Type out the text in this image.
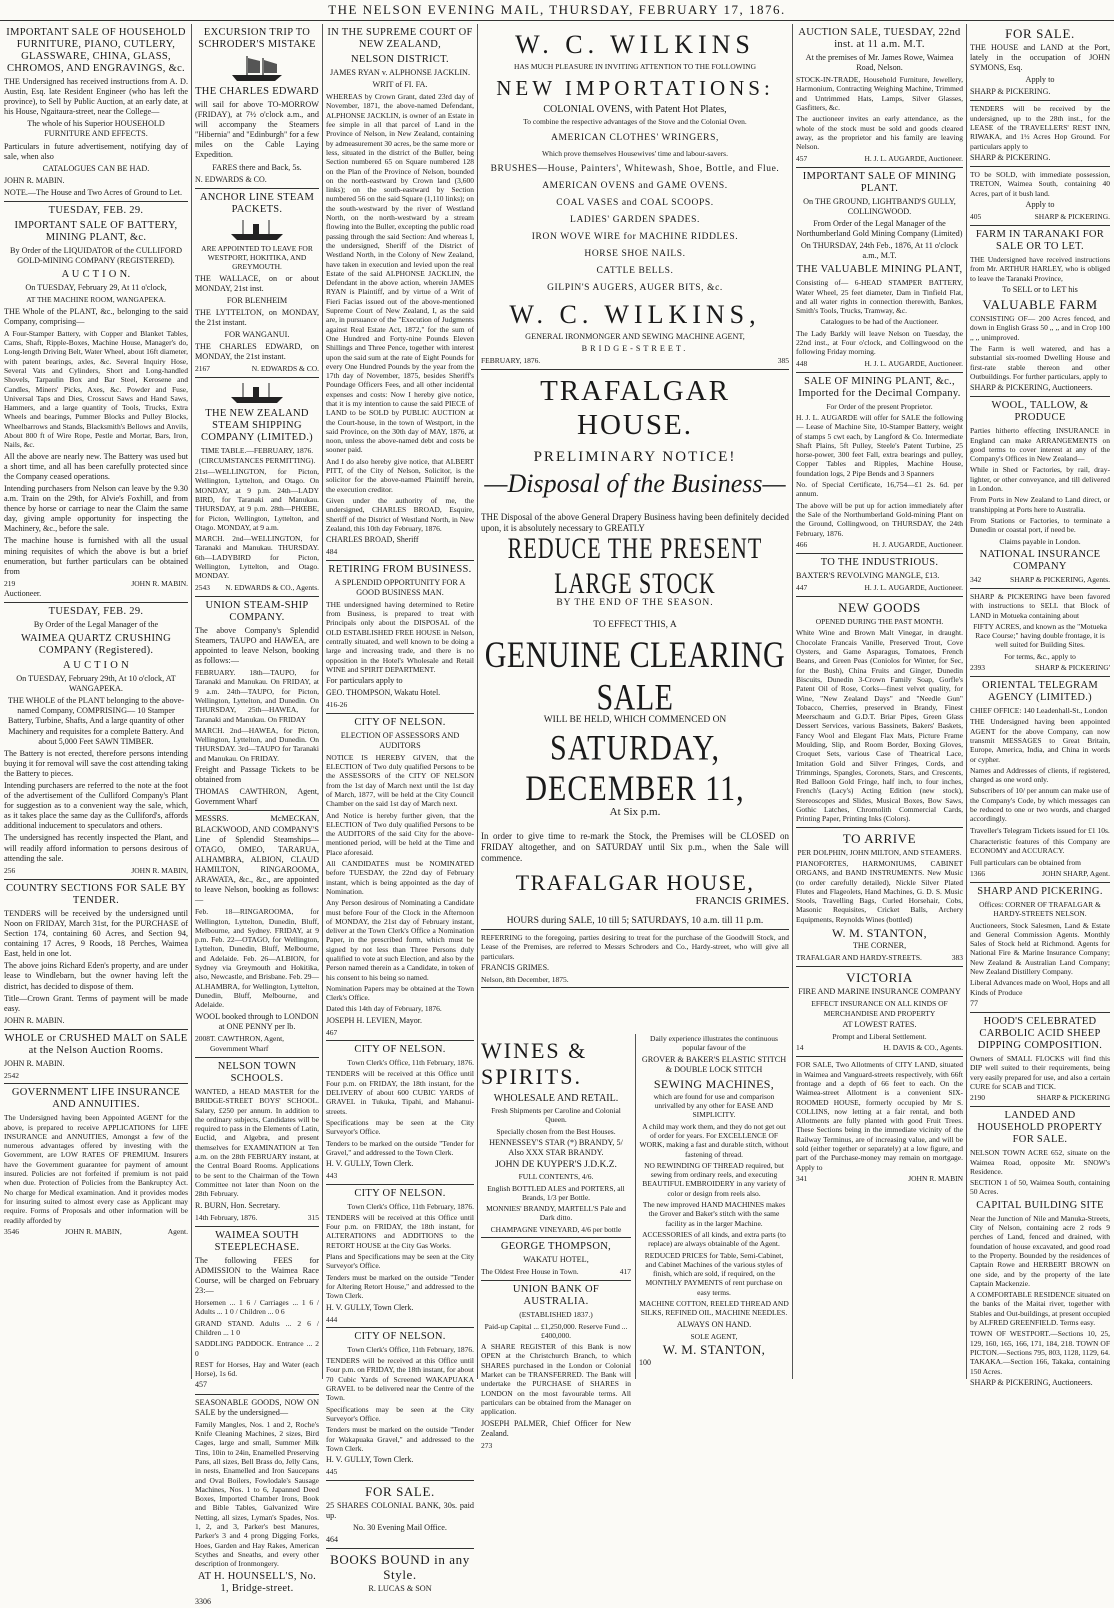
THE NELSON EVENING MAIL, THURSDAY, FEBRUARY 17, 1876.
IMPORTANT SALE OF HOUSEHOLD FURNITURE, PIANO, CUTLERY, GLASSWARE, CHINA, GLASS, CHROMOS, AND ENGRAVINGS, &c.

THE Undersigned has received instructions from A. D. Austin, Esq. late Resident Engineer (who has left the province), to Sell by Public Auction, at an early date, at his House, Ngaitaura-street, near the College—

The whole of his Superior HOUSEHOLD FURNITURE AND EFFECTS.

Particulars in future advertisement, notifying day of sale, when also

CATALOGUES CAN BE HAD.

JOHN R. MABIN.

NOTE.—The House and Two Acres of Ground to Let.

TUESDAY, FEB. 29.
IMPORTANT SALE OF BATTERY, MINING PLANT, &c.

By Order of the LIQUIDATOR of the CULLIFORD GOLD-MINING COMPANY (REGISTERED).

A U C T I O N.

On TUESDAY, February 29, At 11 o'clock,

AT THE MACHINE ROOM, WANGAPEKA.

THE Whole of the PLANT, &c., belonging to the said Company, comprising—

A Four-Stamper Battery, with Copper and Blanket Tables, Cams, Shaft, Ripple-Boxes, Machine House, Manager's do, Long-length Driving Belt, Water Wheel, about 16ft diameter, with patent bearings, axles, &c. Several Inquiry Hose, Several Vats and Cylinders, Short and Long-handled Shovels, Tarpaulin Box and Bar Steel, Kerosene and Candles, Miners' Picks, Axes, &c. Powder and Fuse, Universal Taps and Dies, Crosscut Saws and Hand Saws, Hammers, and a large quantity of Tools, Trucks, Extra Wheels and bearings, Pummer Blocks and Pulley Blocks, Wheelbarrows and Stands, Blacksmith's Bellows and Anvils, About 800 ft of Wire Rope, Pestle and Mortar, Bars, Iron, Nails, &c.

All the above are nearly new. The Battery was used but a short time, and all has been carefully protected since the Company ceased operations.

Intending purchasers from Nelson can leave by the 9.30 a.m. Train on the 29th, for Alvie's Foxhill, and from thence by horse or carriage to near the Claim the same day, giving ample opportunity for inspecting the Machinery, &c., before the sale.

The machine house is furnished with all the usual mining requisites of which the above is but a brief enumeration, but further particulars can be obtained from

219	JOHN R. MABIN.

Auctioneer.

TUESDAY, FEB. 29.

By Order of the Legal Manager of the

WAIMEA QUARTZ CRUSHING COMPANY (Registered).
A U C T I O N

On TUESDAY, February 29th, At 10 o'clock, AT WANGAPEKA.

THE WHOLE of the PLANT belonging to the above-named Company, COMPRISING— 10 Stamper Battery, Turbine, Shafts, And a large quantity of other Machinery and requisites for a complete Battery. And about 5,000 Feet SAWN TIMBER.

The Battery is not erected, therefore persons intending buying it for removal will save the cost attending taking the Battery to pieces.

Intending purchasers are referred to the note at the foot of the advertisement of the Culliford Company's Plant for suggestion as to a convenient way the sale, which, as it takes place the same day as the Culliford's, affords additional inducement to speculators and others.

The undersigned has recently inspected the Plant, and will readily afford information to persons desirous of attending the sale.

256	JOHN R. MABIN,
COUNTRY SECTIONS FOR SALE BY TENDER.

TENDERS will be received by the undersigned until Noon on FRIDAY, March 31st, for the PURCHASE of Section 174, containing 60 Acres, and Section 94, containing 17 Acres, 9 Roods, 18 Perches, Waimea East, held in one lot.

The above joins Richard Eden's property, and are under lease to Windlebarn, but the owner having left the district, has decided to dispose of them.

Title—Crown Grant. Terms of payment will be made easy.

JOHN R. MABIN.

WHOLE or CRUSHED MALT on SALE at the Nelson Auction Rooms.

JOHN R. MABIN.

2542

GOVERNMENT LIFE INSURANCE AND ANNUITIES.

The Undersigned having been Appointed AGENT for the above, is prepared to receive APPLICATIONS for LIFE INSURANCE and ANNUITIES, Amongst a few of the numerous advantages offered by investing with the Government, are LOW RATES OF PREMIUM. Insurers have the Government guarantee for payment of amount insured. Policies are not forfeited if premium is not paid when due. Protection of Policies from the Bankruptcy Act. No charge for Medical examination. And it provides modes for insuring suited to almost every case as Applicant may require. Forms of Proposals and other information will be readily afforded by

3546	JOHN R. MABIN,	Agent.
EXCURSION TRIP TO SCHRODER'S MISTAKE
THE CHARLES EDWARD

will sail for above TO-MORROW (FRIDAY), at 7½ o'clock a.m., and will accompany the Steamers "Hibernia" and "Edinburgh" for a few miles on the Cable Laying Expedition.

FARES there and Back, 5s.

N. EDWARDS & CO.

ANCHOR LINE STEAM PACKETS.

ARE APPOINTED TO LEAVE FOR WESTPORT, HOKITIKA, AND GREYMOUTH.

THE WALLACE, on or about MONDAY, 21st inst.

FOR BLENHEIM

THE LYTTELTON, on MONDAY, the 21st instant.

FOR WANGANUI.

THE CHARLES EDWARD, on MONDAY, the 21st instant.

2167	N. EDWARDS & CO.
THE NEW ZEALAND STEAM SHIPPING COMPANY (LIMITED.)

TIME TABLE.—FEBRUARY, 1876. (CIRCUMSTANCES PERMITTING).

21st—WELLINGTON, for Picton, Wellington, Lyttelton, and Otago. On MONDAY, at 9 p.m. 24th—LADY BIRD, for Taranaki and Manukau. THURSDAY, at 9 p.m. 28th—PHŒBE, for Picton, Wellington, Lyttelton, and Otago. MONDAY, at 9 a.m.

MARCH. 2nd—WELLINGTON, for Taranaki and Manukau. THURSDAY. 6th—LADYBIRD for Picton, Wellington, Lyttelton, and Otago. MONDAY.

2543 N. EDWARDS & CO., Agents.
UNION STEAM-SHIP COMPANY.

The above Company's Splendid Steamers, TAUPO and HAWEA, are appointed to leave Nelson, booking as follows:—

FEBRUARY. 18th—TAUPO, for Taranaki and Manukau. On FRIDAY, at 9 a.m. 24th—TAUPO, for Picton, Wellington, Lyttelton, and Dunedin. On THURSDAY, 25th—HAWEA, for Taranaki and Manukau. On FRIDAY

MARCH. 2nd—HAWEA, for Picton, Wellington, Lyttelton, and Dunedin. On THURSDAY. 3rd—TAUPO for Taranaki and Manukau. On FRIDAY.

Freight and Passage Tickets to be obtained from

THOMAS CAWTHRON, Agent, Government Wharf

MESSRS. McMECKAN, BLACKWOOD, AND COMPANY'S Line of Splendid Steamships—OTAGO, OMEO, TARARUA, ALHAMBRA, ALBION, CLAUD HAMILTON, RINGAROOMA, ARAWATA, &c., &c., are appointed to leave Nelson, booking as follows:—

Feb. 18—RINGAROOMA, for Wellington, Lyttelton, Dunedin, Bluff, Melbourne, and Sydney. FRIDAY, at 9 p.m. Feb. 22—OTAGO, for Wellington, Lyttelton, Dunedin, Bluff, Melbourne, and Adelaide. Feb. 26—ALBION, for Sydney via Greymouth and Hokitika, also, Newcastle, and Brisbane. Feb. 29—ALHAMBRA, for Wellington, Lyttelton, Dunedin, Bluff, Melbourne, and Adelaide.

WOOL booked through to LONDON at ONE PENNY per lb.

2008 T. CAWTHRON, Agent, Government Wharf
NELSON TOWN SCHOOLS.

WANTED, a HEAD MASTER for the BRIDGE-STREET BOYS' SCHOOL. Salary, £250 per annum. In addition to the ordinary subjects, Candidates will be required to pass in the Elements of Latin, Euclid, and Algebra, and present themselves for EXAMINATION at Ten a.m. on the 28th FEBRUARY instant, at the Central Board Rooms. Applications to be sent to the Chairman of the Town Committee not later than Noon on the 28th February.

R. BURN, Hon. Secretary.

14th February, 1876.	315
WAIMEA SOUTH STEEPLECHASE.

The following FEES for ADMISSION to the Waimea Race Course, will be charged on February 23:—

Horsemen ... 1 6 / Carriages ... 1 6 / Adults ... 1 0 / Children ... 0 6

GRAND STAND. Adults ... 2 6 / Children ... 1 0

SADDLING PADDOCK. Entrance ... 2 0

REST for Horses, Hay and Water (each Horse), 1s 6d.

457

SEASONABLE GOODS, NOW ON SALE by the undersigned—

Family Mangles, Nos. 1 and 2, Roche's Knife Cleaning Machines, 2 sizes, Bird Cages, large and small, Summer Milk Tins, 10in to 24in, Enamelled Preserving Pans, all sizes, Bell Brass do, Jelly Cans, in nests, Enamelled and Iron Saucepans and Oval Boilers, Fowlodale's Sausage Machines, Nos. 1 to 6, Japanned Deed Boxes, Imported Chamber Irons, Book and Bible Tables, Galvanized Wire Netting, all sizes, Lyman's Spades, Nos. 1, 2, and 3, Parker's best Manures, Parker's 3 and 4 prong Digging Forks, Hoes, Garden and Hay Rakes, American Scythes and Sneaths, and every other description of Ironmongery.

AT H. HOUNSELL'S, No. 1, Bridge-street.

3306

IN THE SUPREME COURT OF NEW ZEALAND,
NELSON DISTRICT.

JAMES RYAN v. ALPHONSE JACKLIN.

WRIT of FI. FA.

WHEREAS by Crown Grant, dated 23rd day of November, 1871, the above-named Defendant, ALPHONSE JACKLIN, is owner of an Estate in fee simple in all that parcel of Land in the Province of Nelson, in New Zealand, containing by admeasurement 30 acres, be the same more or less, situated in the district of the Buller, being Section numbered 65 on Square numbered 128 on the Plan of the Province of Nelson, bounded on the north-eastward by Crown land (3,600 links); on the south-eastward by Section numbered 56 on the said Square (1,110 links); on the south-westward by the river of Westland North, on the north-westward by a stream flowing into the Buller, excepting the public road passing through the said Section: And whereas I, the undersigned, Sheriff of the District of Westland North, in the Colony of New Zealand, have taken in execution and levied upon the real Estate of the said ALPHONSE JACKLIN, the Defendant in the above action, wherein JAMES RYAN is Plaintiff, and by virtue of a Writ of Fieri Facias issued out of the above-mentioned Supreme Court of New Zealand, I, as the said are, in pursuance of the "Execution of Judgments against Real Estate Act, 1872," for the sum of One Hundred and Forty-nine Pounds Eleven Shillings and Three Pence, together with interest upon the said sum at the rate of Eight Pounds for every One Hundred Pounds by the year from the 17th day of November, 1875, besides Sheriff's Poundage Officers Fees, and all other incidental expenses and costs: Now I hereby give notice, that it is my intention to cause the said PIECE of LAND to be SOLD by PUBLIC AUCTION at the Court-house, in the town of Westport, in the said Province, on the 30th day of MAY, 1876, at noon, unless the above-named debt and costs be sooner paid.

And I do also hereby give notice, that ALBERT PITT, of the City of Nelson, Solicitor, is the solicitor for the above-named Plaintiff herein, the execution creditor.

Given under the authority of me, the undersigned, CHARLES BROAD, Esquire, Sheriff of the District of Westland North, in New Zealand, this 10th day February, 1876.

CHARLES BROAD, Sheriff

484

RETIRING FROM BUSINESS.

A SPLENDID OPPORTUNITY FOR A GOOD BUSINESS MAN.

THE undersigned having determined to Retire from Business, is prepared to treat with Principals only about the DISPOSAL of the OLD ESTABLISHED FREE HOUSE in Nelson, centrally situated, and well known to be doing a large and increasing trade, and there is no opposition in the Hotel's Wholesale and Retail WINE and SPIRIT DEPARTMENT.

For particulars apply to

GEO. THOMPSON, Wakatu Hotel.

416-26

CITY OF NELSON.

ELECTION OF ASSESSORS AND AUDITORS

NOTICE IS HEREBY GIVEN, that the ELECTION of Two duly qualified Persons to be the ASSESSORS of the CITY OF NELSON from the 1st day of March next until the 1st day of March, 1877, will be held at the City Council Chamber on the said 1st day of March next.

And Notice is hereby further given, that the ELECTION of Two duly qualified Persons to be the AUDITORS of the said City for the above-mentioned period, will be held at the Time and Place aforesaid.

All CANDIDATES must be NOMINATED before TUESDAY, the 22nd day of February instant, which is being appointed as the day of Nomination.

Any Person desirous of Nominating a Candidate must before Four of the Clock in the Afternoon of MONDAY, the 21st day of February instant, deliver at the Town Clerk's Office a Nomination Paper, in the prescribed form, which must be signed by not less than Three Persons duly qualified to vote at such Election, and also by the Person named therein as a Candidate, in token of his consent to his being so named.

Nomination Papers may be obtained at the Town Clerk's Office.

Dated this 14th day of February, 1876.

JOSEPH H. LEVIEN, Mayor.

467

CITY OF NELSON.

Town Clerk's Office, 11th February, 1876.

TENDERS will be received at this Office until Four p.m. on FRIDAY, the 18th instant, for the DELIVERY of about 600 CUBIC YARDS of GRAVEL in Tukuka, Tipahi, and Mahanui-streets.

Specifications may be seen at the City Surveyor's Office.

Tenders to be marked on the outside "Tender for Gravel," and addressed to the Town Clerk.

H. V. GULLY, Town Clerk.

443

CITY OF NELSON.

Town Clerk's Office, 11th February, 1876.

TENDERS will be received at this Office until Four p.m. on FRIDAY, the 18th instant, for ALTERATIONS and ADDITIONS to the RETORT HOUSE at the City Gas Works.

Plans and Specifications may be seen at the City Surveyor's Office.

Tenders must be marked on the outside "Tender for Altering Retort House," and addressed to the Town Clerk.

H. V. GULLY, Town Clerk.

444

CITY OF NELSON.

Town Clerk's Office, 11th February, 1876.

TENDERS will be received at this Office until Four p.m. on FRIDAY, the 18th instant, for about 70 Cubic Yards of Screened WAKAPUAKA GRAVEL to be delivered near the Centre of the Town.

Specifications may be seen at the City Surveyor's Office.

Tenders must be marked on the outside "Tender for Wakapuaka Gravel," and addressed to the Town Clerk.

H. V. GULLY, Town Clerk.

445

FOR SALE.

25 SHARES COLONIAL BANK, 30s. paid up.

No. 30 Evening Mail Office.

464

BOOKS BOUND in any Style.

R. LUCAS & SON

W. C. WILKINS

HAS MUCH PLEASURE IN INVITING ATTENTION TO THE FOLLOWING

NEW IMPORTATIONS:

COLONIAL OVENS, with Patent Hot Plates,

To combine the respective advantages of the Stove and the Colonial Oven.

AMERICAN CLOTHES' WRINGERS,

Which prove themselves Housewives' time and labour-savers.

BRUSHES—House, Painters', Whitewash, Shoe, Bottle, and Flue.
AMERICAN OVENS and GAME OVENS.
COAL VASES and COAL SCOOPS.
LADIES' GARDEN SPADES.
IRON WOVE WIRE for MACHINE RIDDLES.
HORSE SHOE NAILS.
CATTLE BELLS.
GILPIN'S AUGERS, AUGER BITS, &c.
W. C. WILKINS,

GENERAL IRONMONGER AND SEWING MACHINE AGENT,

BRIDGE-STREET.

FEBRUARY, 1876.	385
TRAFALGAR HOUSE.
PRELIMINARY NOTICE!
—Disposal of the Business—

THE Disposal of the above General Drapery Business having been definitely decided upon, it is absolutely necessary to GREATLY

REDUCE THE PRESENT LARGE STOCK

BY THE END OF THE SEASON.

TO EFFECT THIS, A

GENUINE CLEARING SALE

WILL BE HELD, WHICH COMMENCED ON

SATURDAY, DECEMBER 11,

At Six p.m.

In order to give time to re-mark the Stock, the Premises will be CLOSED on FRIDAY altogether, and on SATURDAY until Six p.m., when the Sale will commence.

TRAFALGAR HOUSE,

FRANCIS GRIMES.

HOURS during SALE, 10 till 5; SATURDAYS, 10 a.m. till 11 p.m.

REFERRING to the foregoing, parties desiring to treat for the purchase of the Goodwill Stock, and Lease of the Premises, are referred to Messrs Schroders and Co., Hardy-street, who will give all particulars.

FRANCIS GRIMES.

Nelson, 8th December, 1875.

WINES & SPIRITS.

WHOLESALE AND RETAIL.

Fresh Shipments per Caroline and Colonial Queen.

Specially chosen from the Best Houses.

HENNESSEY'S STAR (*) BRANDY, 5/ Also XXX STAR BRANDY.

JOHN DE KUYPER'S J.D.K.Z.

FULL CONTENTS, 4/6.

English BOTTLED ALES and PORTERS, all Brands, 1/3 per Bottle.

MONNIES' BRANDY, MARTELL'S Pale and Dark ditto.

CHAMPAGNE VINEYARD, 4/6 per bottle

GEORGE THOMPSON,

WAKATU HOTEL,

The Oldest Free House in Town.	417
UNION BANK OF AUSTRALIA.

(ESTABLISHED 1837.)

Paid-up Capital ... £1,250,000. Reserve Fund ... £400,000.

A SHARE REGISTER of this Bank is now OPEN at the Christchurch Branch, to which SHARES purchased in the London or Colonial Market can be TRANSFERRED. The Bank will undertake the PURCHASE of SHARES in LONDON on the most favourable terms. All particulars can be obtained from the Manager on application.

JOSEPH PALMER, Chief Officer for New Zealand.

273

Daily experience illustrates the continuous popular favour of the

GROVER & BAKER'S ELASTIC STITCH & DOUBLE LOCK STITCH

SEWING MACHINES,

which are found for use and comparison unrivalled by any other for EASE AND SIMPLICITY.

A child may work them, and they do not get out of order for years. For EXCELLENCE OF WORK, making a fast and durable stitch, without fastening of thread.

NO REWINDING OF THREAD required, but sewing from ordinary reels, and executing BEAUTIFUL EMBROIDERY in any variety of color or design from reels also.

The new improved HAND MACHINES makes the Grover and Baker's stitch with the same facility as in the larger Machine.

ACCESSORIES of all kinds, and extra parts (to replace) are always obtainable of the Agent.

REDUCED PRICES for Table, Semi-Cabinet, and Cabinet Machines of the various styles of finish, which are sold, if required, on the MONTHLY PAYMENTS of rent purchase on easy terms.

MACHINE COTTON, REELED THREAD AND SILKS, REFINED OIL, MACHINE NEEDLES.

ALWAYS ON HAND.

SOLE AGENT,

W. M. STANTON,

100

AUCTION SALE, TUESDAY, 22nd inst. at 11 a.m. M.T.

At the premises of Mr. James Rowe, Waimea Road, Nelson.

STOCK-IN-TRADE, Household Furniture, Jewellery, Harmonium, Contracting Weighing Machine, Trimmed and Untrimmed Hats, Lamps, Silver Glasses, Gasfitters, &c.

The auctioneer invites an early attendance, as the whole of the stock must be sold and goods cleared away, as the proprietor and his family are leaving Nelson.

457	H. J. L. AUGARDE, Auctioneer.
IMPORTANT SALE OF MINING PLANT.

On THE GROUND, LIGHTBAND'S GULLY, COLLINGWOOD.

From Order of the Legal Manager of the Northumberland Gold Mining Company (Limited)

On THURSDAY, 24th Feb., 1876, At 11 o'clock a.m., M.T.

THE VALUABLE MINING PLANT,

Consisting of— 6-HEAD STAMPER BATTERY, Water Wheel, 25 feet diameter, Dam in Tinfield Flat, and all water rights in connection therewith, Bankes, Smith's Tools, Trucks, Tramway, &c.

Catalogues to be had of the Auctioneer.

The Lady Barkly will leave Nelson on Tuesday, the 22nd inst., at Four o'clock, and Collingwood on the following Friday morning.

448	H. J. L. AUGARDE, Auctioneer.
SALE OF MINING PLANT, &c., Imported for the Decimal Company.

For Order of the present Proprietor.

H. J. L. AUGARDE will offer for SALE the following— Lease of Machine Site, 10-Stamper Battery, weight of stamps 5 cwt each, by Langford & Co. Intermediate Shaft Plains, 5ft Pulley, Steele's Patent Turbine, 25 horse-power, 300 feet Fall, extra bearings and pulley, Copper Tables and Ripples, Machine House, foundation logs, 2 Pipe Bends and 3 Spanners

No. of Special Certificate, 16,754—£1 2s. 6d. per annum.

The above will be put up for action immediately after the Sale of the Northumberland Gold-mining Plant on the Ground, Collingwood, on THURSDAY, the 24th February, 1876.

466	H. J. AUGARDE, Auctioneer.
TO THE INDUSTRIOUS.

BAXTER'S REVOLVING MANGLE, £13.

447	H. J. L. AUGARDE, Auctioneer.
NEW GOODS

OPENED DURING THE PAST MONTH.

White Wine and Brown Malt Vinegar, in draught. Chocolate Francais Vanille, Preserved Trout, Cove Oysters, and Game Asparagus, Tomatoes, French Beans, and Green Peas (Coniolos for Winter, for Sec, for the Bush), China Fruits and Ginger, Dunedin Biscuits, Dunedin 3-Crown Family Soap, Gorfle's Patent Oil of Rose, Corks—finest velvet quality, for Wine, "New Zealand Days" and "Needle Gun" Tobacco, Cherries, preserved in Brandy, Finest Meerschaum and G.D.T. Briar Pipes, Green Glass Dessert Services, various Bassinets, Bakers' Baskets, Fancy Wool and Elegant Flax Mats, Picture Frame Moulding, Slip, and Room Border, Boxing Gloves, Croquet Sets, various Case of Theatrical Lace, Imitation Gold and Silver Fringes, Cords, and Trimmings, Spangles, Coronets, Stars, and Crescents, Red Balloon Gold Fringe, half inch, to four inches, French's (Lacy's) Acting Edition (new stock), Stereoscopes and Slides, Musical Boxes, Bow Saws, Gothic Latches, Chromolith Commercial Cards, Printing Paper, Printing Inks (Colors).

TO ARRIVE

PER DOLPHIN, JOHN MILTON, AND STEAMERS.

PIANOFORTES, HARMONIUMS, CABINET ORGANS, and BAND INSTRUMENTS. New Music (to order carefully detailed), Nickle Silver Plated Flutes and Flageolets, Hand Machines, G. D. S. Music Stools, Travelling Bags, Curled Horsehair, Cobs, Masonic Requisites, Cricket Balls, Archery Equipments, Reynolds Wines (bottled)

W. M. STANTON,

THE CORNER,

TRAFALGAR AND HARDY-STREETS.	383
VICTORIA

FIRE AND MARINE INSURANCE COMPANY

EFFECT INSURANCE ON ALL KINDS OF MERCHANDISE AND PROPERTY

AT LOWEST RATES.

Prompt and Liberal Settlement.

14	H. DAVIS & CO., Agents.

FOR SALE, Two Allotments of CITY LAND, situated in Waimea and Vanguard-streets respectively, with 66ft frontage and a depth of 66 feet to each. On the Waimea-street Allotment is a convenient SIX-ROOMED HOUSE, formerly occupied by Mr S. COLLINS, now letting at a fair rental, and both Allotments are fully planted with good Fruit Trees. These Sections being in the immediate vicinity of the Railway Terminus, are of increasing value, and will be sold (either together or separately) at a low figure, and part of the Purchase-money may remain on mortgage. Apply to

341	JOHN R. MABIN
FOR SALE.

THE HOUSE and LAND at the Port, lately in the occupation of JOHN SYMONS, Esq.

Apply to

SHARP & PICKERING.

TENDERS will be received by the undersigned, up to the 28th inst., for the LEASE of the TRAVELLERS' REST INN, RIWAKA, and 1½ Acres Hop Ground. For particulars apply to

SHARP & PICKERING.

TO be SOLD, with immediate possession, TRETON, Waimea South, containing 40 Acres, part of it bush land.

Apply to

405	SHARP & PICKERING.
FARM IN TARANAKI FOR SALE OR TO LET.

THE Undersigned have received instructions from Mr. ARTHUR HARLEY, who is obliged to leave the Taranaki Province,

To SELL or to LET his

VALUABLE FARM

CONSISTING OF— 200 Acres fenced, and down in English Grass 50 ,, ,, and in Crop 100 ,, ,, unimproved.

The Farm is well watered, and has a substantial six-roomed Dwelling House and first-rate stable thereon and other Outbuildings. For further particulars, apply to

SHARP & PICKERING, Auctioneers.

WOOL, TALLOW, & PRODUCE

Parties hitherto effecting INSURANCE in England can make ARRANGEMENTS on good terms to cover interest at any of the Company's Offices in New Zealand—

While in Shed or Factories, by rail, dray-lighter, or other conveyance, and till delivered in London.

From Ports in New Zealand to Land direct, or transhipping at Ports here to Australia.

From Stations or Factories, to terminate a Dunedin or coastal port, if need be.

Claims payable in London.

NATIONAL INSURANCE COMPANY
342	SHARP & PICKERING, Agents.

SHARP & PICKERING have been favored with instructions to SELL that Block of LAND in Motueka containing about

FIFTY ACRES, and known as the "Motueka Race Course;" having double frontage, it is well suited for Building Sites.

For terms, &c., apply to

2393	SHARP & PICKERING'
ORIENTAL TELEGRAM AGENCY (LIMITED.)

CHIEF OFFICE: 140 Leadenhall-St., London

THE Undersigned having been appointed AGENT for the above Company, can now transmit MESSAGES to Great Britain, Europe, America, India, and China in words or cypher.

Names and Addresses of clients, if registered, charged as one word only.

Subscribers of 10/ per annum can make use of the Company's Code, by which messages can be reduced to one or two words, and charged accordingly.

Traveller's Telegram Tickets issued for £1 10s.

Characteristic features of this Company are ECONOMY and ACCURACY.

Full particulars can be obtained from

1366	JOHN SHARP, Agent.
SHARP AND PICKERING.

Offices: CORNER OF TRAFALGAR & HARDY-STREETS NELSON.

Auctioneers, Stock Salesmen, Land & Estate and General Commission Agents. Monthly Sales of Stock held at Richmond. Agents for National Fire & Marine Insurance Company; New Zealand & Australian Land Company; New Zealand Distillery Company.

Liberal Advances made on Wool, Hops and all Kinds of Produce

77

HOOD'S CELEBRATED CARBOLIC ACID SHEEP DIPPING COMPOSITION.

Owners of SMALL FLOCKS will find this DIP well suited to their requirements, being very easily prepared for use, and also a certain CURE for SCAB and TICK.

2190	SHARP & PICKERING
LANDED AND HOUSEHOLD PROPERTY FOR SALE.

NELSON TOWN ACRE 652, situate on the Waimea Road, opposite Mr. SNOW's Residence.

SECTION 1 of 50, Waimea South, containing 50 Acres.

CAPITAL BUILDING SITE

Near the Junction of Nile and Manuka-Streets, City of Nelson, containing acre 2 rods 9 perches of Land, fenced and drained, with foundation of house excavated, and good road to the Property. Bounded by the residences of Captain Rowe and HERBERT BROWN on one side, and by the property of the late Captain Mackenzie.

A COMFORTABLE RESIDENCE situated on the banks of the Maitai river, together with Stables and Out-buildings, at present occupied by ALFRED GREENFIELD. Terms easy.

TOWN OF WESTPORT.—Sections 10, 25, 129, 160, 165, 166, 171, 184, 218. TOWN OF PICTON.—Sections 795, 803, 1128, 1129, 64. TAKAKA.—Section 166, Takaka, containing 150 Acres.

SHARP & PICKERING, Auctioneers.
